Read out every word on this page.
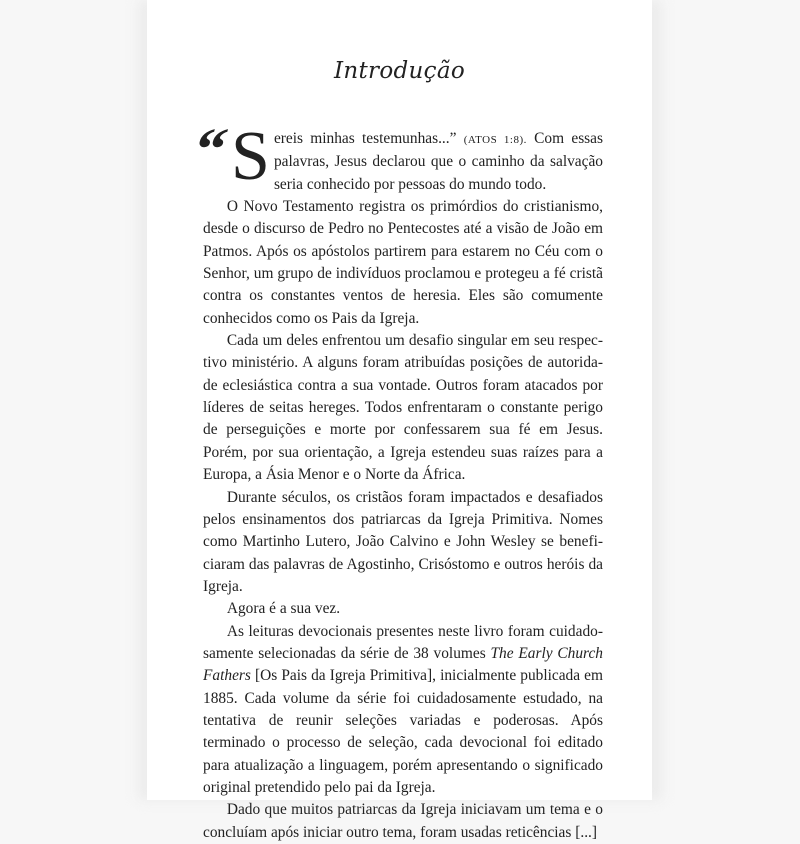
Introdução
“

Sereis minhas testemunhas...” (ATOS 1:8). Com essas palavras, Jesus declarou que o caminho da salvação seria conhecido por pessoas do mundo todo.

O Novo Testamento registra os primórdios do cristianismo, desde o discurso de Pedro no Pentecostes até a visão de João em Patmos. Após os apóstolos partirem para estarem no Céu com o Senhor, um grupo de indivíduos proclamou e protegeu a fé cristã contra os constantes ventos de heresia. Eles são comumente conhecidos como os Pais da Igreja.

Cada um deles enfrentou um desafio singular em seu respectivo ministério. A alguns foram atribuídas posições de autoridade eclesiástica contra a sua vontade. Outros foram atacados por líderes de seitas hereges. Todos enfrentaram o constante perigo de perseguições e morte por confessarem sua fé em Jesus. Porém, por sua orientação, a Igreja estendeu suas raízes para a Europa, a Ásia Menor e o Norte da África.

Durante séculos, os cristãos foram impactados e desafiados pelos ensinamentos dos patriarcas da Igreja Primitiva. Nomes como Martinho Lutero, João Calvino e John Wesley se beneficiaram das palavras de Agostinho, Crisóstomo e outros heróis da Igreja.

Agora é a sua vez.

As leituras devocionais presentes neste livro foram cuidadosamente selecionadas da série de 38 volumes The Early Church Fathers [Os Pais da Igreja Primitiva], inicialmente publicada em 1885. Cada volume da série foi cuidadosamente estudado, na tentativa de reunir seleções variadas e poderosas. Após terminado o processo de seleção, cada devocional foi editado para atualização a linguagem, porém apresentando o significado original pretendido pelo pai da Igreja.

Dado que muitos patriarcas da Igreja iniciavam um tema e o concluíam após iniciar outro tema, foram usadas reticências [...]
